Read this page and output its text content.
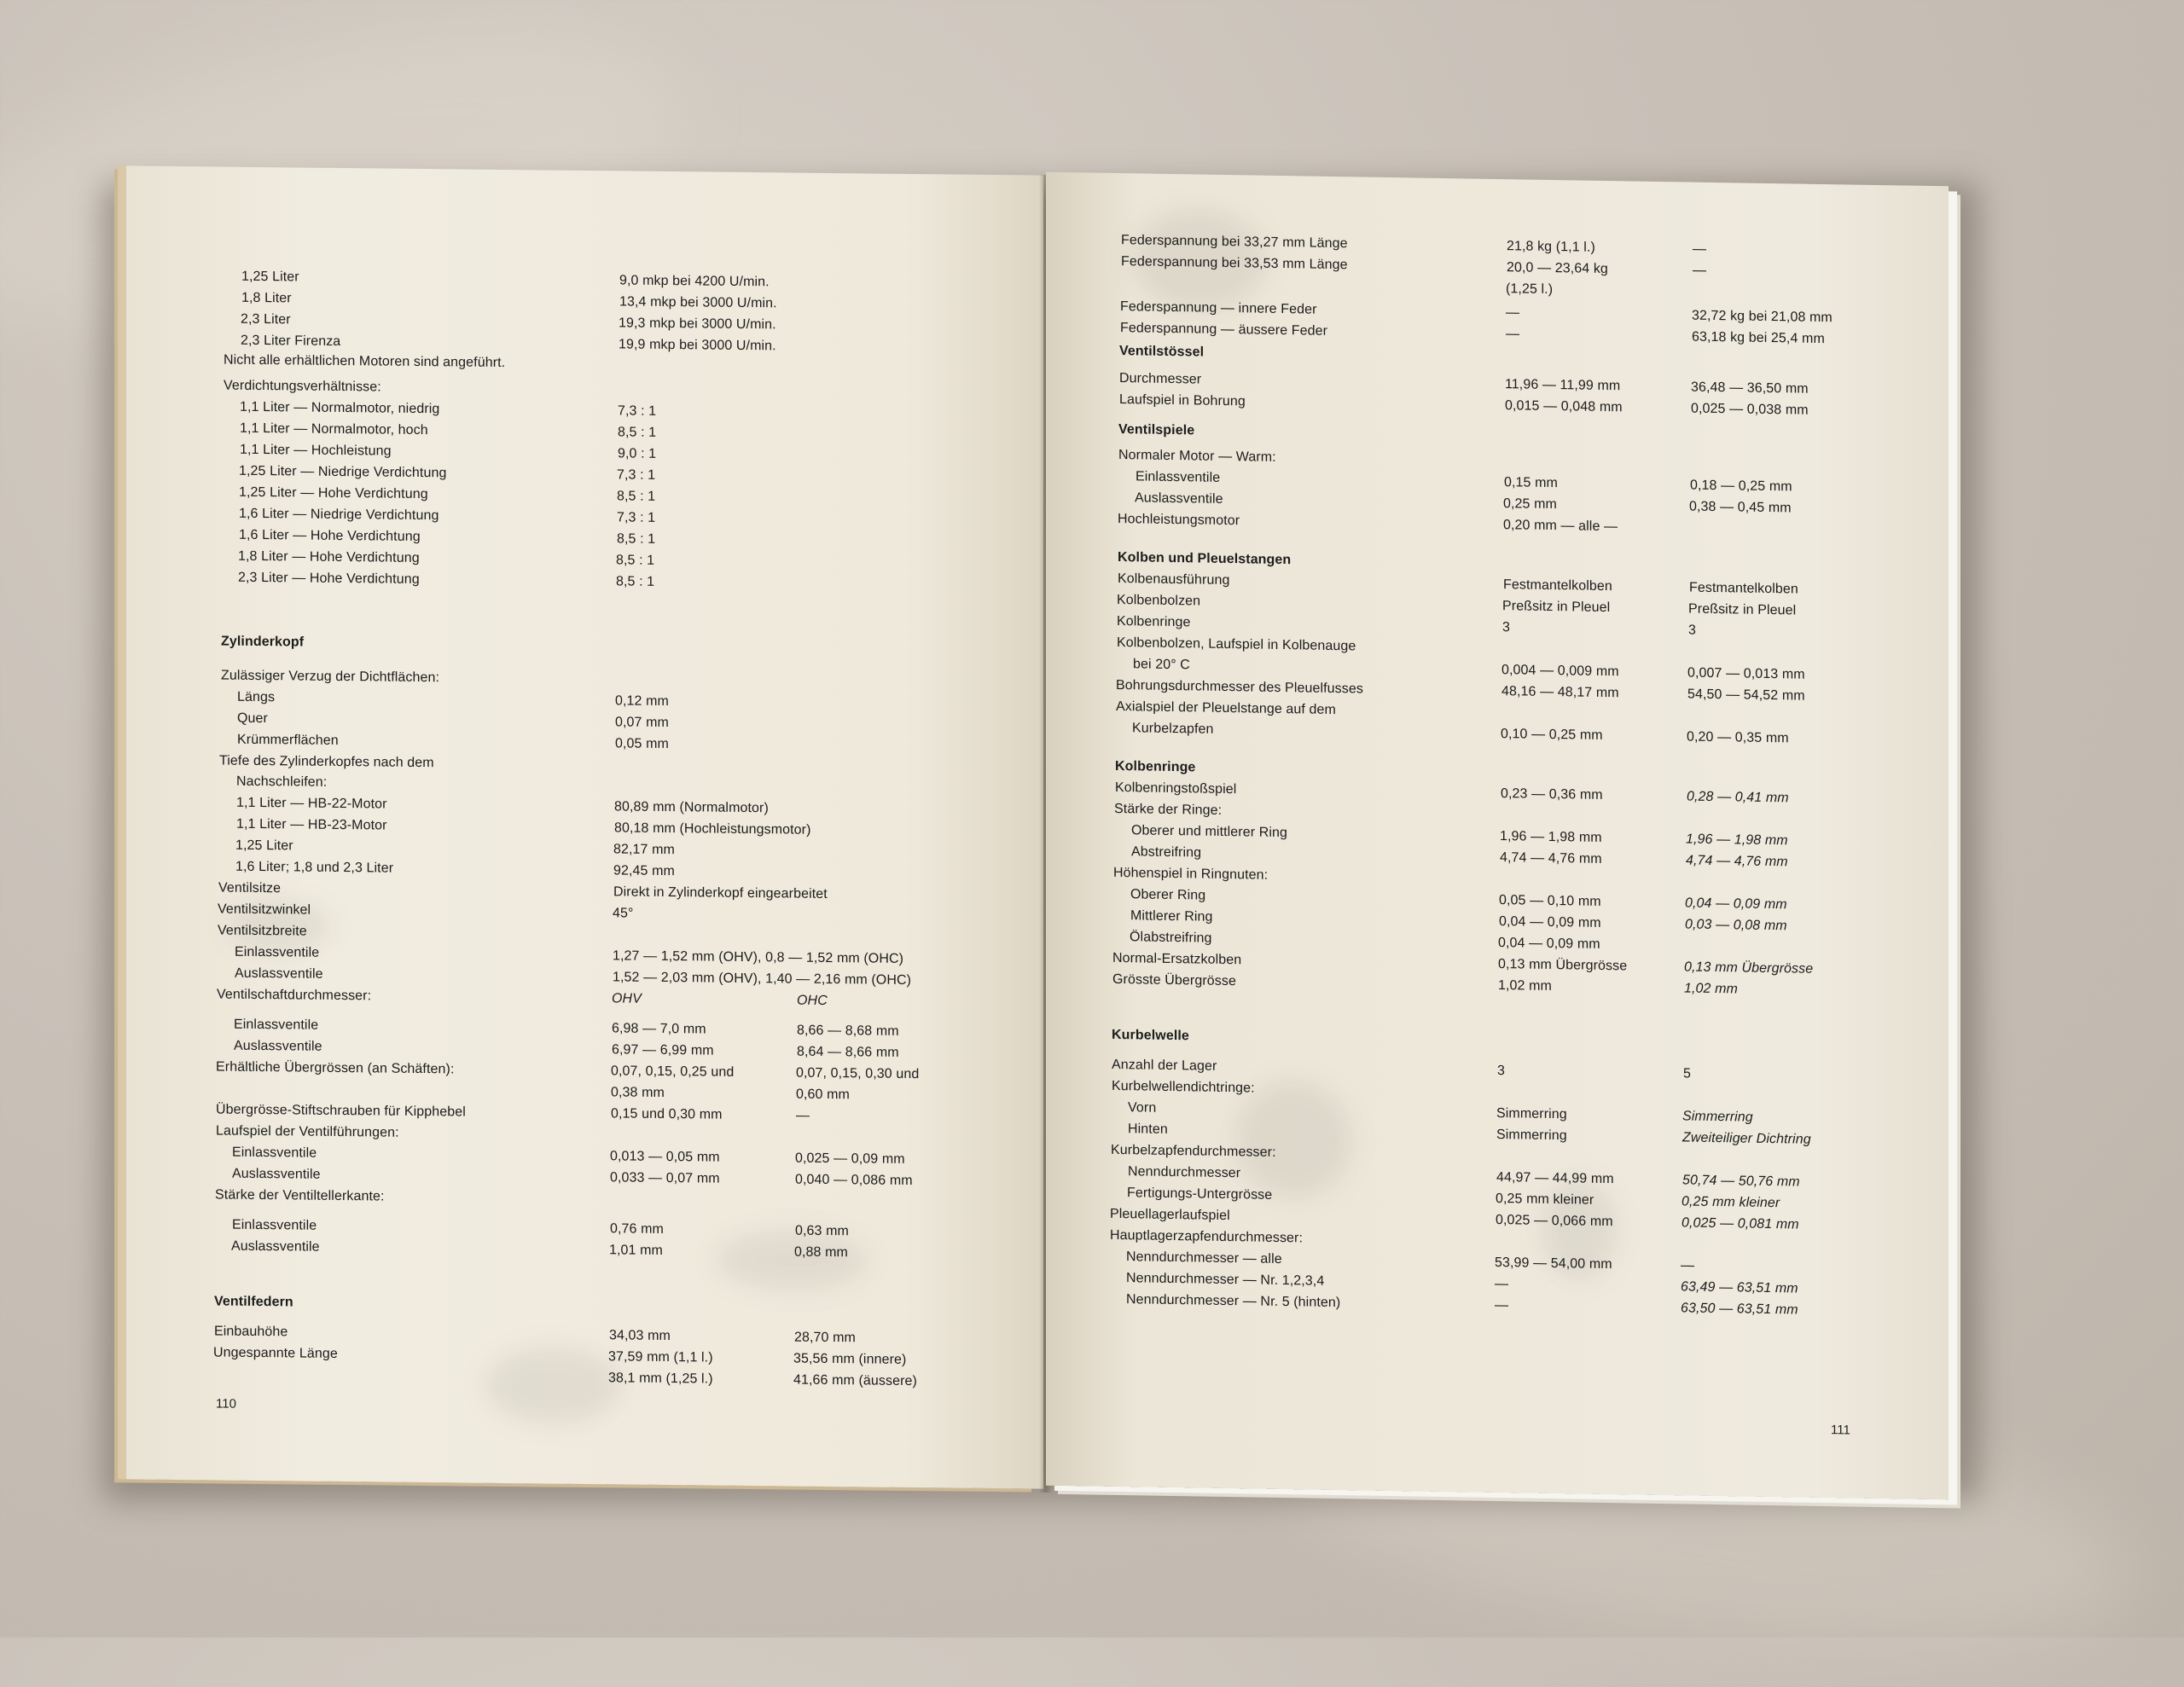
110
1,25 Liter	9,0 mkp bei 4200 U/min.
1,8 Liter	13,4 mkp bei 3000 U/min.
2,3 Liter	19,3 mkp bei 3000 U/min.
2,3 Liter Firenza	19,9 mkp bei 3000 U/min.
Nicht alle erhältlichen Motoren sind angeführt.
Verdichtungsverhältnisse:
1,1 Liter — Normalmotor, niedrig	7,3 : 1
1,1 Liter — Normalmotor, hoch	8,5 : 1
1,1 Liter — Hochleistung	9,0 : 1
1,25 Liter — Niedrige Verdichtung	7,3 : 1
1,25 Liter — Hohe Verdichtung	8,5 : 1
1,6 Liter — Niedrige Verdichtung	7,3 : 1
1,6 Liter — Hohe Verdichtung	8,5 : 1
1,8 Liter — Hohe Verdichtung	8,5 : 1
2,3 Liter — Hohe Verdichtung	8,5 : 1
Zylinderkopf
Zulässiger Verzug der Dichtflächen:
Längs	0,12 mm
Quer	0,07 mm
Krümmerflächen	0,05 mm
Tiefe des Zylinderkopfes nach dem
Nachschleifen:
1,1 Liter — HB-22-Motor	80,89 mm (Normalmotor)
1,1 Liter — HB-23-Motor	80,18 mm (Hochleistungsmotor)
1,25 Liter	82,17 mm
1,6 Liter; 1,8 und 2,3 Liter	92,45 mm
Ventilsitze	Direkt in Zylinderkopf eingearbeitet
Ventilsitzwinkel	45°
Ventilsitzbreite
Einlassventile	1,27 — 1,52 mm (OHV), 0,8 — 1,52 mm (OHC)
Auslassventile	1,52 — 2,03 mm (OHV), 1,40 — 2,16 mm (OHC)
Ventilschaftdurchmesser:	OHV	OHC
Einlassventile	6,98 — 7,0 mm	8,66 — 8,68 mm
Auslassventile	6,97 — 6,99 mm	8,64 — 8,66 mm
Erhältliche Übergrössen (an Schäften):	0,07, 0,15, 0,25 und	0,07, 0,15, 0,30 und
0,38 mm	0,60 mm
Übergrösse-Stiftschrauben für Kipphebel	0,15 und 0,30 mm	—
Laufspiel der Ventilführungen:
Einlassventile	0,013 — 0,05 mm	0,025 — 0,09 mm
Auslassventile	0,033 — 0,07 mm	0,040 — 0,086 mm
Stärke der Ventiltellerkante:
Einlassventile	0,76 mm	0,63 mm
Auslassventile	1,01 mm	0,88 mm
Ventilfedern
Einbauhöhe	34,03 mm	28,70 mm
Ungespannte Länge	37,59 mm (1,1 l.)	35,56 mm (innere)
38,1 mm (1,25 l.)	41,66 mm (äussere)
111
Federspannung bei 33,27 mm Länge	21,8 kg (1,1 l.)	—
Federspannung bei 33,53 mm Länge	20,0 — 23,64 kg	—
(1,25 l.)
Federspannung — innere Feder	—	32,72 kg bei 21,08 mm
Federspannung — äussere Feder	—	63,18 kg bei 25,4 mm
Ventilstössel
Durchmesser	11,96 — 11,99 mm	36,48 — 36,50 mm
Laufspiel in Bohrung	0,015 — 0,048 mm	0,025 — 0,038 mm
Ventilspiele
Normaler Motor — Warm:
Einlassventile	0,15 mm	0,18 — 0,25 mm
Auslassventile	0,25 mm	0,38 — 0,45 mm
Hochleistungsmotor	0,20 mm — alle —
Kolben und Pleuelstangen
Kolbenausführung	Festmantelkolben	Festmantelkolben
Kolbenbolzen	Preßsitz in Pleuel	Preßsitz in Pleuel
Kolbenringe	3	3
Kolbenbolzen, Laufspiel in Kolbenauge
bei 20° C	0,004 — 0,009 mm	0,007 — 0,013 mm
Bohrungsdurchmesser des Pleuelfusses	48,16 — 48,17 mm	54,50 — 54,52 mm
Axialspiel der Pleuelstange auf dem
Kurbelzapfen	0,10 — 0,25 mm	0,20 — 0,35 mm
Kolbenringe
Kolbenringstoßspiel	0,23 — 0,36 mm	0,28 — 0,41 mm
Stärke der Ringe:
Oberer und mittlerer Ring	1,96 — 1,98 mm	1,96 — 1,98 mm
Abstreifring	4,74 — 4,76 mm	4,74 — 4,76 mm
Höhenspiel in Ringnuten:
Oberer Ring	0,05 — 0,10 mm	0,04 — 0,09 mm
Mittlerer Ring	0,04 — 0,09 mm	0,03 — 0,08 mm
Ölabstreifring	0,04 — 0,09 mm
Normal-Ersatzkolben	0,13 mm Übergrösse	0,13 mm Übergrösse
Grösste Übergrösse	1,02 mm	1,02 mm
Kurbelwelle
Anzahl der Lager	3	5
Kurbelwellendichtringe:
Vorn	Simmerring	Simmerring
Hinten	Simmerring	Zweiteiliger Dichtring
Kurbelzapfendurchmesser:
Nenndurchmesser	44,97 — 44,99 mm	50,74 — 50,76 mm
Fertigungs-Untergrösse	0,25 mm kleiner	0,25 mm kleiner
Pleuellagerlaufspiel	0,025 — 0,066 mm	0,025 — 0,081 mm
Hauptlagerzapfendurchmesser:
Nenndurchmesser — alle	53,99 — 54,00 mm	—
Nenndurchmesser — Nr. 1,2,3,4	—	63,49 — 63,51 mm
Nenndurchmesser — Nr. 5 (hinten)	—	63,50 — 63,51 mm
